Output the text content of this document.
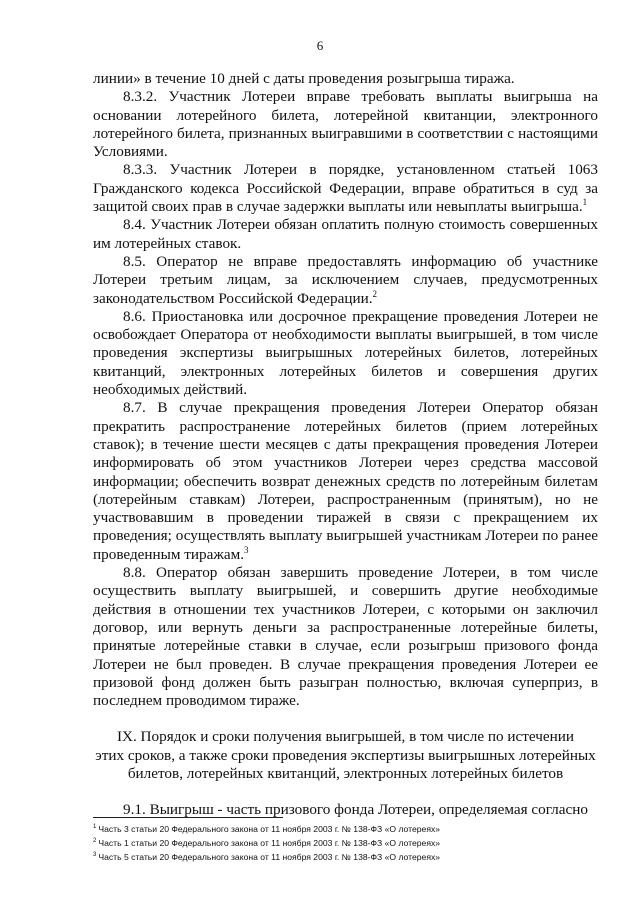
6

линии» в течение 10 дней с даты проведения розыгрыша тиража.

8.3.2. Участник Лотереи вправе требовать выплаты выигрыша на основании лотерейного билета, лотерейной квитанции, электронного лотерейного билета, признанных выигравшими в соответствии с настоящими Условиями.

8.3.3. Участник Лотереи в порядке, установленном статьей 1063 Гражданского кодекса Российской Федерации, вправе обратиться в суд за защитой своих прав в случае задержки выплаты или невыплаты выигрыша.$^1$

8.4. Участник Лотереи обязан оплатить полную стоимость совершенных им лотерейных ставок.

8.5. Оператор не вправе предоставлять информацию об участнике Лотереи третьим лицам, за исключением случаев, предусмотренных законодательством Российской Федерации.$^2$

8.6. Приостановка или досрочное прекращение проведения Лотереи не освобождает Оператора от необходимости выплаты выигрышей, в том числе проведения экспертизы выигрышных лотерейных билетов, лотерейных квитанций, электронных лотерейных билетов и совершения других необходимых действий.

8.7. В случае прекращения проведения Лотереи Оператор обязан прекратить распространение лотерейных билетов (прием лотерейных ставок); в течение шести месяцев с даты прекращения проведения Лотереи информировать об этом участников Лотереи через средства массовой информации; обеспечить возврат денежных средств по лотерейным билетам (лотерейным ставкам) Лотереи, распространенным (принятым), но не участвовавшим в проведении тиражей в связи с прекращением их проведения; осуществлять выплату выигрышей участникам Лотереи по ранее проведенным тиражам.$^3$

8.8. Оператор обязан завершить проведение Лотереи, в том числе осуществить выплату выигрышей, и совершить другие необходимые действия в отношении тех участников Лотереи, с которыми он заключил договор, или вернуть деньги за распространенные лотерейные билеты, принятые лотерейные ставки в случае, если розыгрыш призового фонда Лотереи не был проведен. В случае прекращения проведения Лотереи ее призовой фонд должен быть разыгран полностью, включая суперприз, в последнем проводимом тираже.

IX. Порядок и сроки получения выигрышей, в том числе по истечении
этих сроков, а также сроки проведения экспертизы выигрышных лотерейных
билетов, лотерейных квитанций, электронных лотерейных билетов

9.1. Выигрыш - часть призового фонда Лотереи, определяемая согласно

$^1$ Часть 3 статьи 20 Федерального закона от 11 ноября 2003 г. № 138-ФЗ «О лотереях»
$^2$ Часть 1 статьи 20 Федерального закона от 11 ноября 2003 г. № 138-ФЗ «О лотереях»
$^3$ Часть 5 статьи 20 Федерального закона от 11 ноября 2003 г. № 138-ФЗ «О лотереях»
